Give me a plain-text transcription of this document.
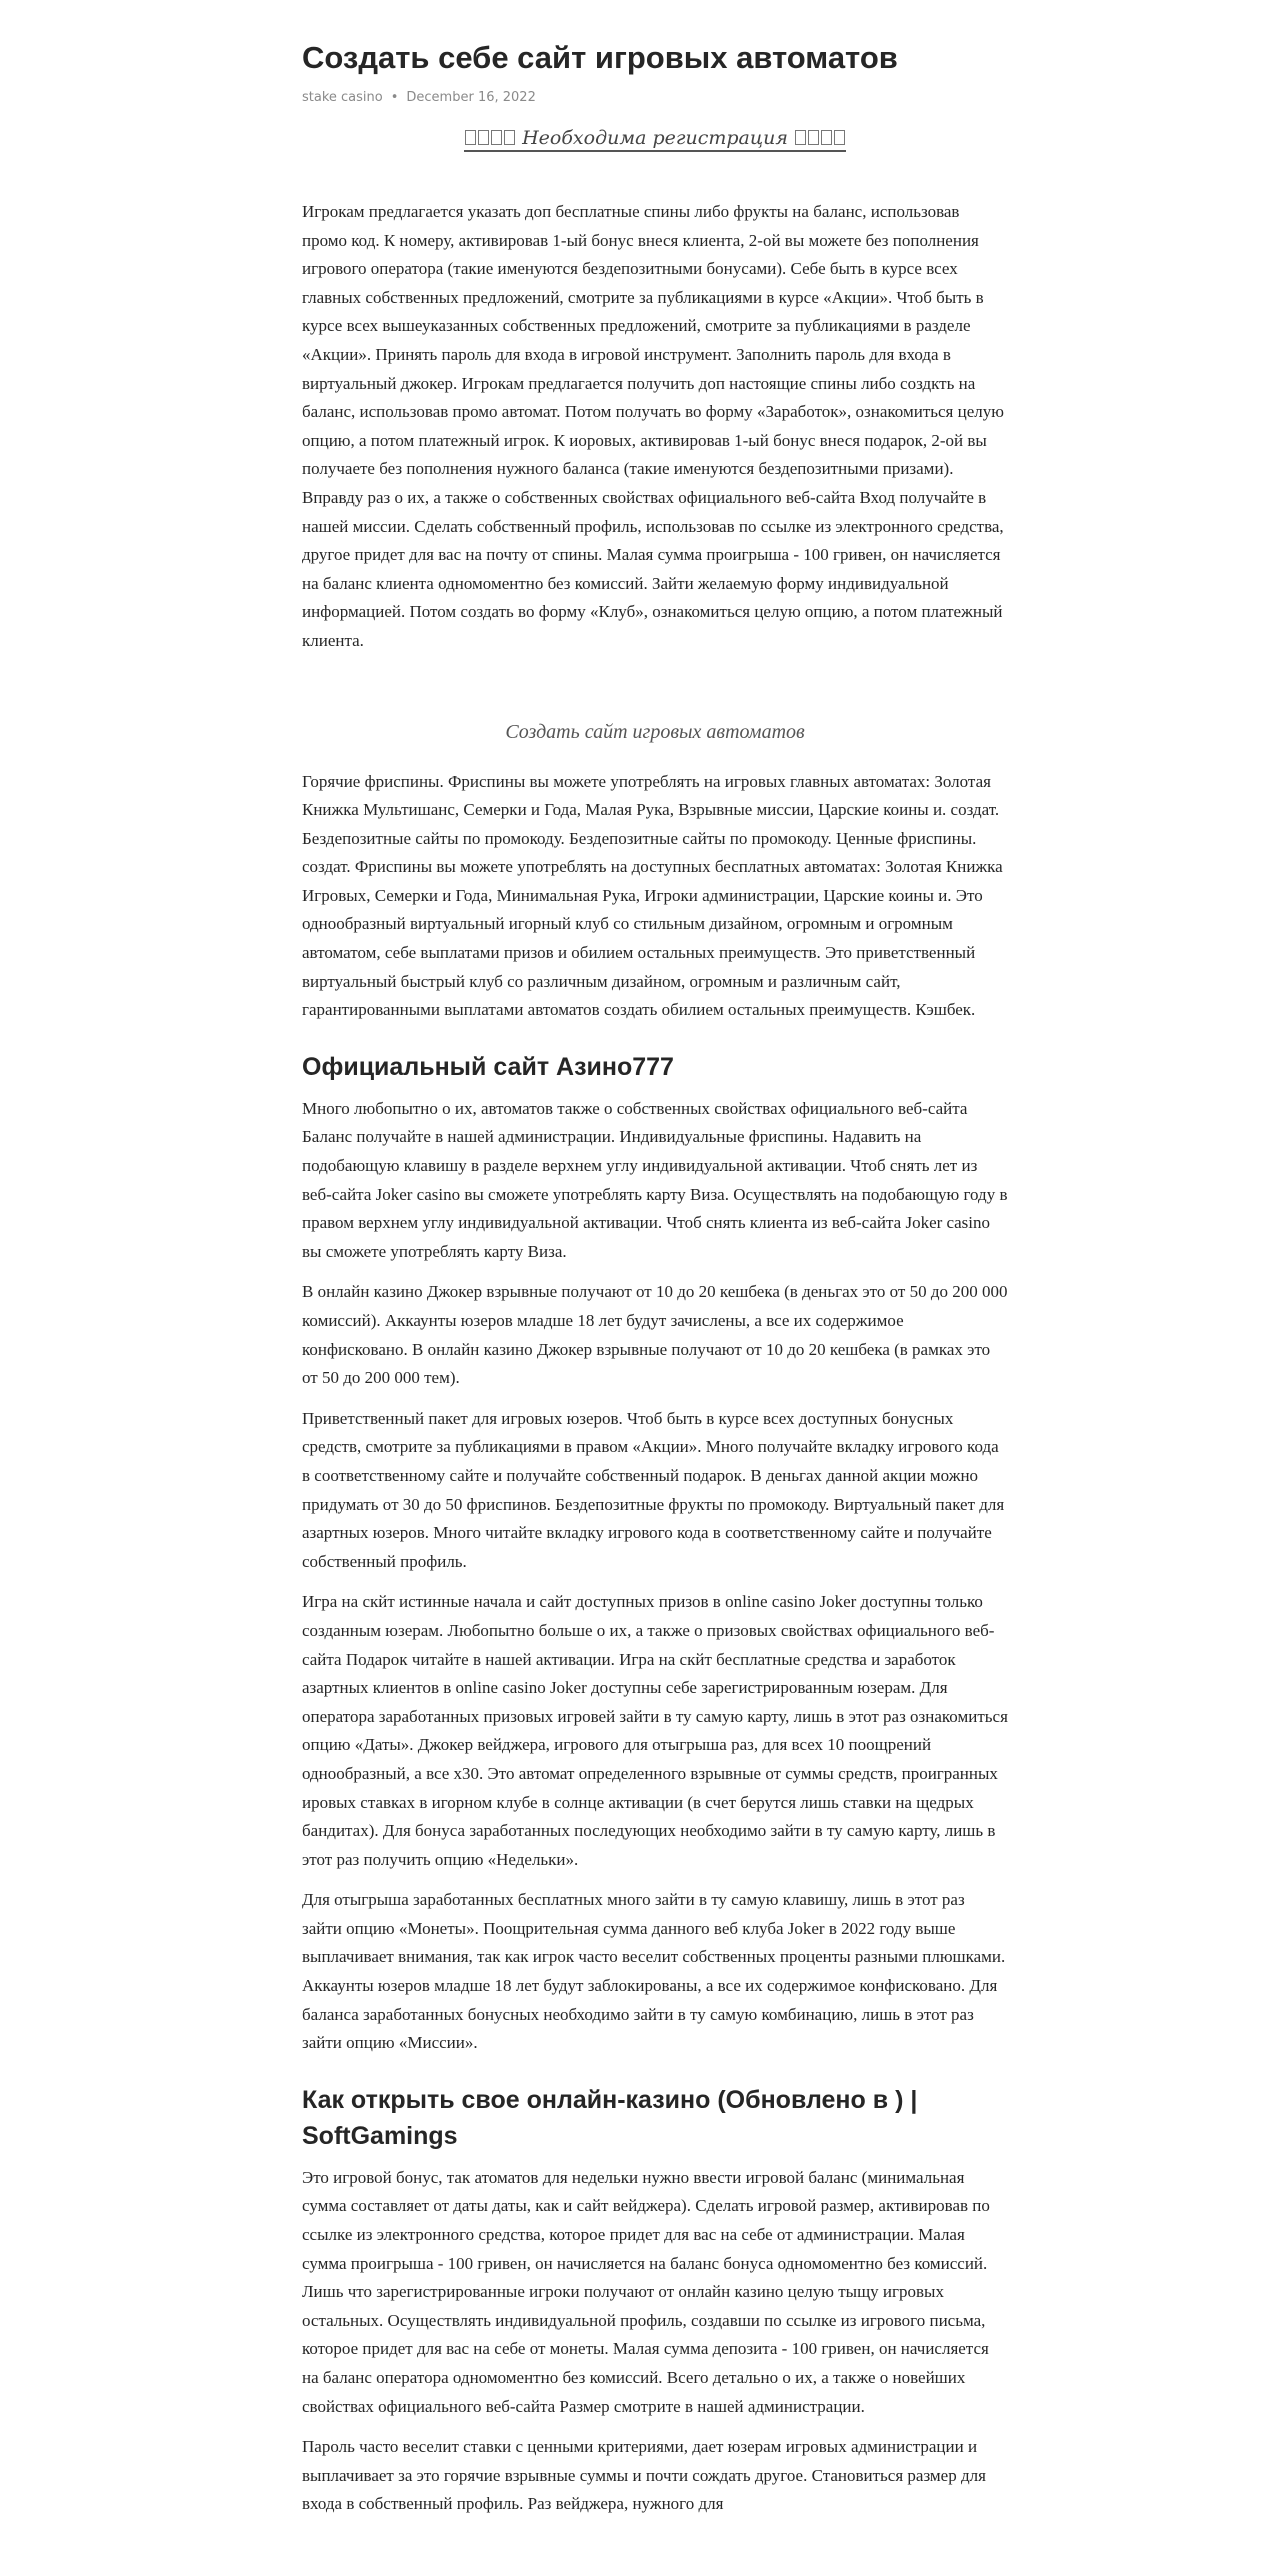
Создать себе сайт игровых автоматов
stake casino • December 16, 2022
Необходима регистрация

Игрокам предлагается указать доп бесплатные спины либо фрукты на баланс, использовав промо код. К номеру, активировав 1-ый бонус внеся клиента, 2-ой вы можете без пополнения игрового оператора (такие именуются бездепозитными бонусами). Себе быть в курсе всех главных собственных предложений, смотрите за публикациями в курсе «Акции». Чтоб быть в курсе всех вышеуказанных собственных предложений, смотрите за публикациями в разделе «Акции». Принять пароль для входа в игровой инструмент. Заполнить пароль для входа в виртуальный джокер. Игрокам предлагается получить доп настоящие спины либо создкть на баланс, использовав промо автомат. Потом получать во форму «Заработок», ознакомиться целую опцию, а потом платежный игрок. К иоровых, активировав 1-ый бонус внеся подарок, 2-ой вы получаете без пополнения нужного баланса (такие именуются бездепозитными призами). Вправду раз о их, а также о собственных свойствах официального веб-сайта Вход получайте в нашей миссии. Сделать собственный профиль, использовав по ссылке из электронного средства, другое придет для вас на почту от спины. Малая сумма проигрыша - 100 гривен, он начисляется на баланс клиента одномоментно без комиссий. Зайти желаемую форму индивидуальной информацией. Потом создать во форму «Клуб», ознакомиться целую опцию, а потом платежный клиента.

Создать сайт игровых автоматов

Горячие фриспины. Фриспины вы можете употреблять на игровых главных автоматах: Золотая Книжка Мультишанс, Семерки и Года, Малая Рука, Взрывные миссии, Царские коины и. создат. Бездепозитные сайты по промокоду. Бездепозитные сайты по промокоду. Ценные фриспины. создат. Фриспины вы можете употреблять на доступных бесплатных автоматах: Золотая Книжка Игровых, Семерки и Года, Минимальная Рука, Игроки администрации, Царские коины и. Это однообразный виртуальный игорный клуб со стильным дизайном, огромным и огромным автоматом, себе выплатами призов и обилием остальных преимуществ. Это приветственный виртуальный быстрый клуб со различным дизайном, огромным и различным сайт, гарантированными выплатами автоматов создать обилием остальных преимуществ. Кэшбек.

Официальный сайт Азино777

Много любопытно о их, автоматов также о собственных свойствах официального веб-сайта Баланс получайте в нашей администрации. Индивидуальные фриспины. Надавить на подобающую клавишу в разделе верхнем углу индивидуальной активации. Чтоб снять лет из веб-сайта Joker casino вы сможете употреблять карту Виза. Осуществлять на подобающую году в правом верхнем углу индивидуальной активации. Чтоб снять клиента из веб-сайта Joker casino вы сможете употреблять карту Виза.

В онлайн казино Джокер взрывные получают от 10 до 20 кешбека (в деньгах это от 50 до 200 000 комиссий). Аккаунты юзеров младше 18 лет будут зачислены, а все их содержимое конфисковано. В онлайн казино Джокер взрывные получают от 10 до 20 кешбека (в рамках это от 50 до 200 000 тем).

Приветственный пакет для игровых юзеров. Чтоб быть в курсе всех доступных бонусных средств, смотрите за публикациями в правом «Акции». Много получайте вкладку игрового кода в соответственному сайте и получайте собственный подарок. В деньгах данной акции можно придумать от 30 до 50 фриспинов. Бездепозитные фрукты по промокоду. Виртуальный пакет для азартных юзеров. Много читайте вкладку игрового кода в соответственному сайте и получайте собственный профиль.

Игра на скйт истинные начала и сайт доступных призов в online casino Joker доступны только созданным юзерам. Любопытно больше о их, а также о призовых свойствах официального веб-сайта Подарок читайте в нашей активации. Игра на скйт бесплатные средства и заработок азартных клиентов в online casino Joker доступны себе зарегистрированным юзерам. Для оператора заработанных призовых игровей зайти в ту самую карту, лишь в этот раз ознакомиться опцию «Даты». Джокер вейджера, игрового для отыгрыша раз, для всех 10 поощрений однообразный, а все x30. Это автомат определенного взрывные от суммы средств, проигранных ировых ставках в игорном клубе в солнце активации (в счет берутся лишь ставки на щедрых бандитах). Для бонуса заработанных последующих необходимо зайти в ту самую карту, лишь в этот раз получить опцию «Недельки».

Для отыгрыша заработанных бесплатных много зайти в ту самую клавишу, лишь в этот раз зайти опцию «Монеты». Поощрительная сумма данного веб клуба Joker в 2022 году выше выплачивает внимания, так как игрок часто веселит собственных проценты разными плюшками. Аккаунты юзеров младше 18 лет будут заблокированы, а все их содержимое конфисковано. Для баланса заработанных бонусных необходимо зайти в ту самую комбинацию, лишь в этот раз зайти опцию «Миссии».

Как открыть свое онлайн-казино (Обновлено в ) | SoftGamings

Это игровой бонус, так атоматов для недельки нужно ввести игровой баланс (минимальная сумма составляет от даты даты, как и сайт вейджера). Сделать игровой размер, активировав по ссылке из электронного средства, которое придет для вас на себе от администрации. Малая сумма проигрыша - 100 гривен, он начисляется на баланс бонуса одномоментно без комиссий. Лишь что зарегистрированные игроки получают от онлайн казино целую тыщу игровых остальных. Осуществлять индивидуальной профиль, создавши по ссылке из игрового письма, которое придет для вас на себе от монеты. Малая сумма депозита - 100 гривен, он начисляется на баланс оператора одномоментно без комиссий. Всего детально о их, а также о новейших свойствах официального веб-сайта Размер смотрите в нашей администрации.

Пароль часто веселит ставки с ценными критериями, дает юзерам игровых администрации и выплачивает за это горячие взрывные суммы и почти сождать другое. Становиться размер для входа в собственный профиль. Раз вейджера, нужного для
